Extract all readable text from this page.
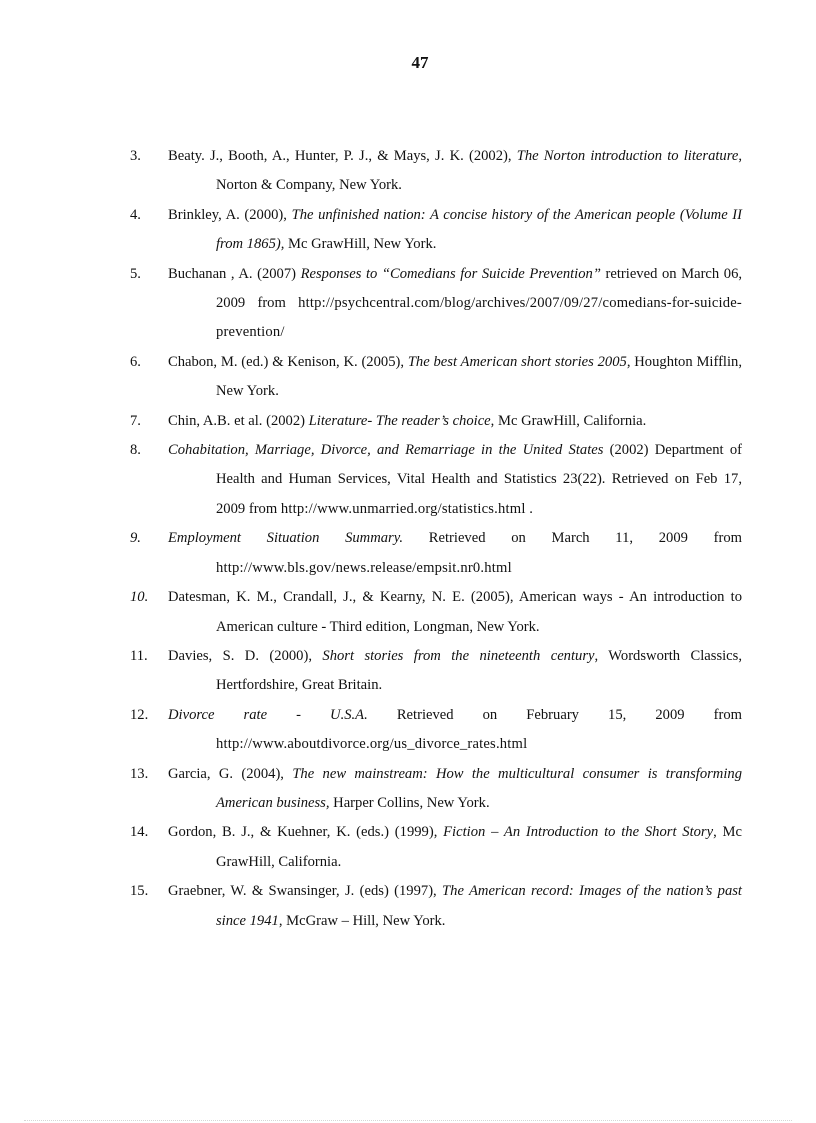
47
3.	Beaty. J., Booth, A., Hunter, P. J., & Mays, J. K. (2002), The Norton introduction to literature, Norton & Company, New York.
4.	Brinkley, A. (2000), The unfinished nation: A concise history of the American people (Volume II from 1865), Mc GrawHill, New York.
5.	Buchanan , A. (2007) Responses to “Comedians for Suicide Prevention” retrieved on March 06, 2009 from http://psychcentral.com/blog/archives/2007/09/27/comedians-for-suicide-prevention/
6.	Chabon, M. (ed.) & Kenison, K. (2005), The best American short stories 2005, Houghton Mifflin, New York.
7.	Chin, A.B. et al. (2002) Literature- The reader’s choice, Mc GrawHill, California.
8.	Cohabitation, Marriage, Divorce, and Remarriage in the United States (2002) Department of Health and Human Services, Vital Health and Statistics 23(22). Retrieved on Feb 17, 2009 from http://www.unmarried.org/statistics.html .
9.	Employment Situation Summary. Retrieved on March 11, 2009 from http://www.bls.gov/news.release/empsit.nr0.html
10.	Datesman, K. M., Crandall, J., & Kearny, N. E. (2005), American ways - An introduction to American culture - Third edition, Longman, New York.
11.	Davies, S. D. (2000), Short stories from the nineteenth century, Wordsworth Classics, Hertfordshire, Great Britain.
12.	Divorce rate - U.S.A. Retrieved on February 15, 2009 from http://www.aboutdivorce.org/us_divorce_rates.html
13.	Garcia, G. (2004), The new mainstream: How the multicultural consumer is transforming American business, Harper Collins, New York.
14.	Gordon, B. J., & Kuehner, K. (eds.) (1999), Fiction – An Introduction to the Short Story, Mc GrawHill, California.
15.	Graebner, W. & Swansinger, J. (eds) (1997), The American record: Images of the nation’s past since 1941, McGraw – Hill, New York.
